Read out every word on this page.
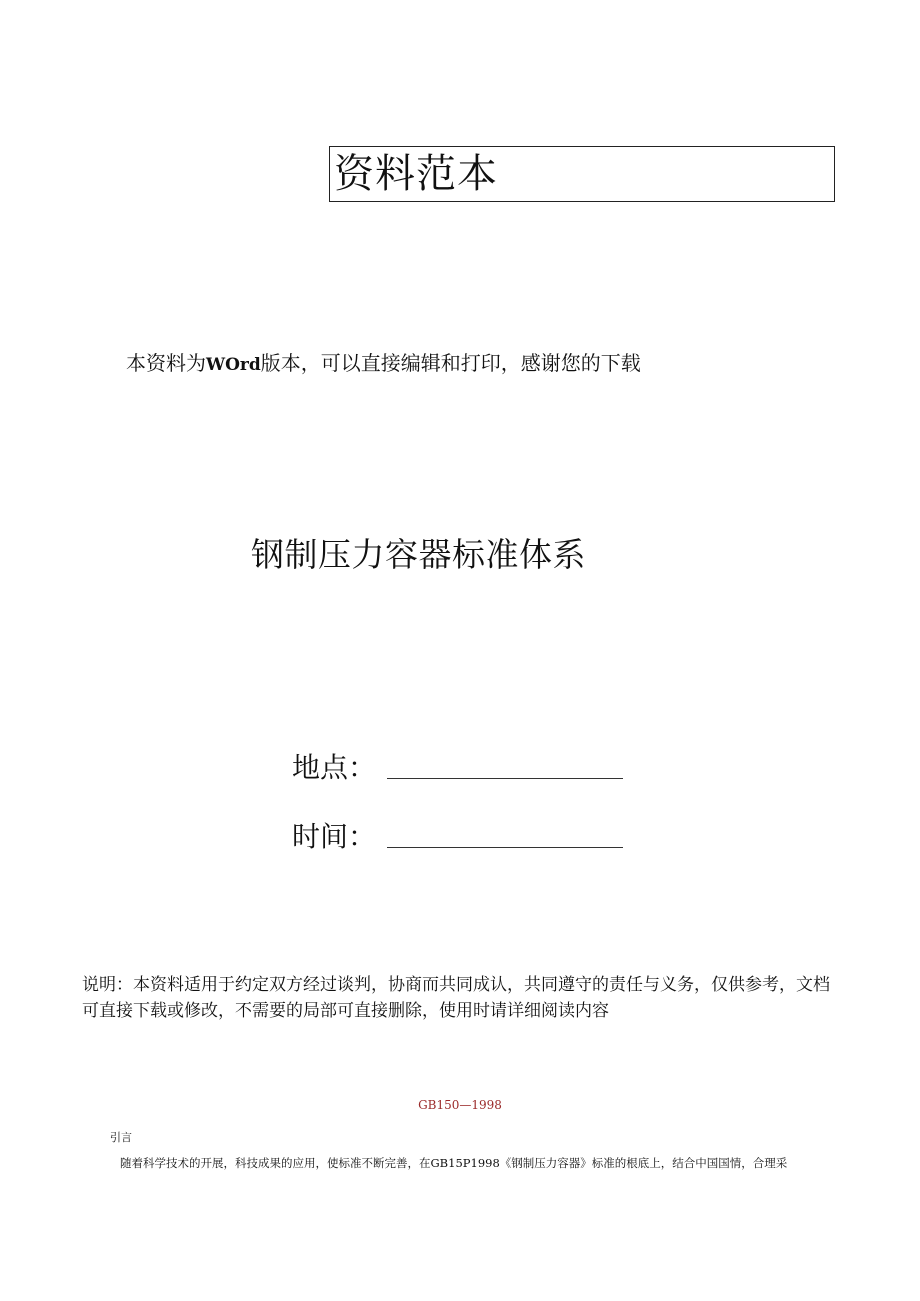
资料范本
本资料为WOrd版本，可以直接编辑和打印，感谢您的下载
钢制压力容器标准体系
地点：
时间：
说明：本资料适用于约定双方经过谈判，协商而共同成认，共同遵守的责任与义务，仅供参考，文档
可直接下载或修改，不需要的局部可直接删除，使用时请详细阅读内容
GB150—1998
引言
随着科学技术的开展，科技成果的应用，使标准不断完善，在GB15P1998《钢制压力容器》标准的根底上，结合中国国情，合理采
